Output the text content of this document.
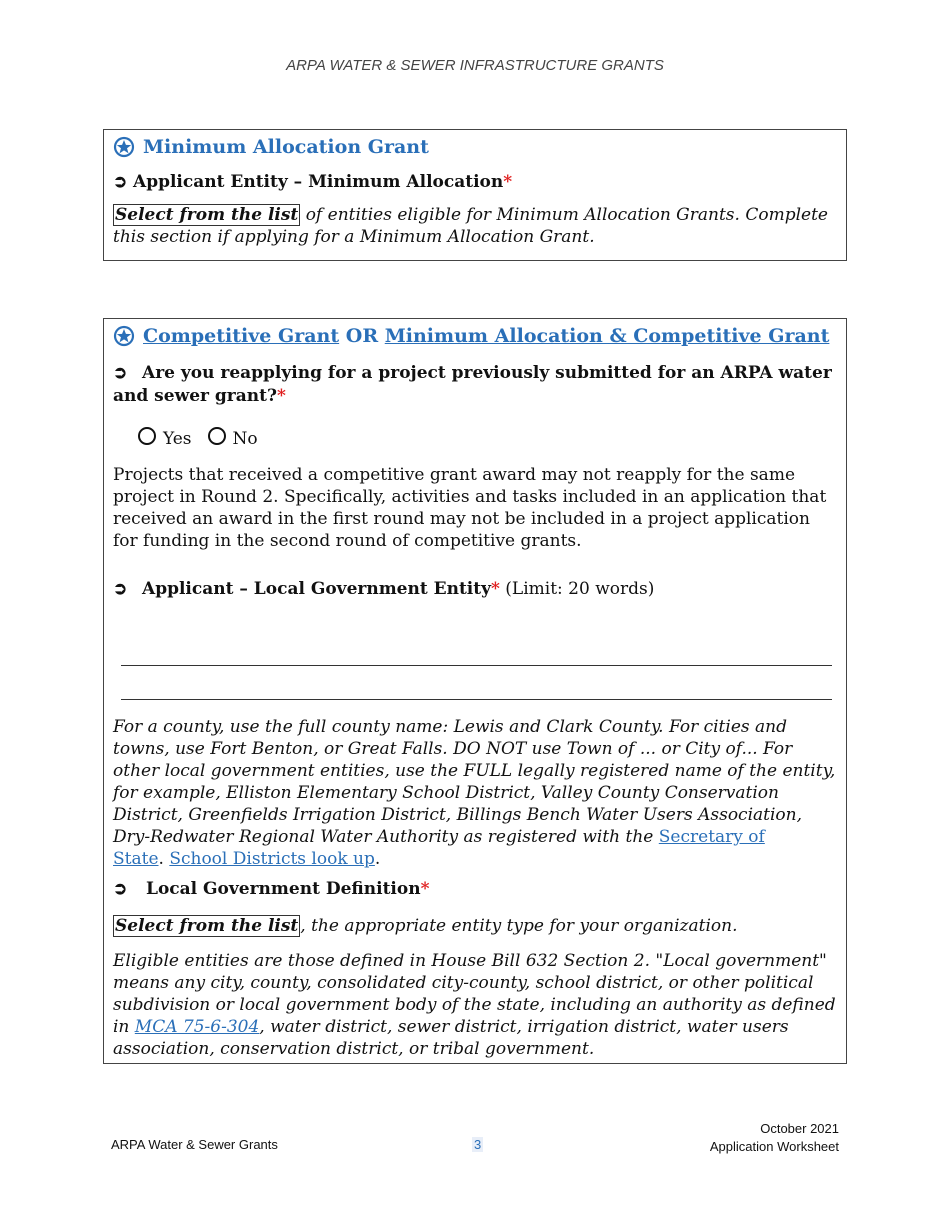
ARPA WATER & SEWER INFRASTRUCTURE GRANTS
Minimum Allocation Grant
➲ Applicant Entity – Minimum Allocation*
Select from the list of entities eligible for Minimum Allocation Grants. Complete this section if applying for a Minimum Allocation Grant.
Competitive Grant OR Minimum Allocation & Competitive Grant
➲ Are you reapplying for a project previously submitted for an ARPA water and sewer grant?*
Yes No
Projects that received a competitive grant award may not reapply for the same project in Round 2. Specifically, activities and tasks included in an application that received an award in the first round may not be included in a project application for funding in the second round of competitive grants.
➲ Applicant – Local Government Entity* (Limit: 20 words)
For a county, use the full county name: Lewis and Clark County. For cities and towns, use Fort Benton, or Great Falls. DO NOT use Town of ... or City of... For other local government entities, use the FULL legally registered name of the entity, for example, Elliston Elementary School District, Valley County Conservation District, Greenfields Irrigation District, Billings Bench Water Users Association, Dry-Redwater Regional Water Authority as registered with the Secretary of State. School Districts look up.
➲ Local Government Definition*
Select from the list , the appropriate entity type for your organization.
Eligible entities are those defined in House Bill 632 Section 2. "Local government" means any city, county, consolidated city-county, school district, or other political subdivision or local government body of the state, including an authority as defined in MCA 75-6-304, water district, sewer district, irrigation district, water users association, conservation district, or tribal government.
ARPA Water & Sewer Grants	3
October 2021
Application Worksheet
